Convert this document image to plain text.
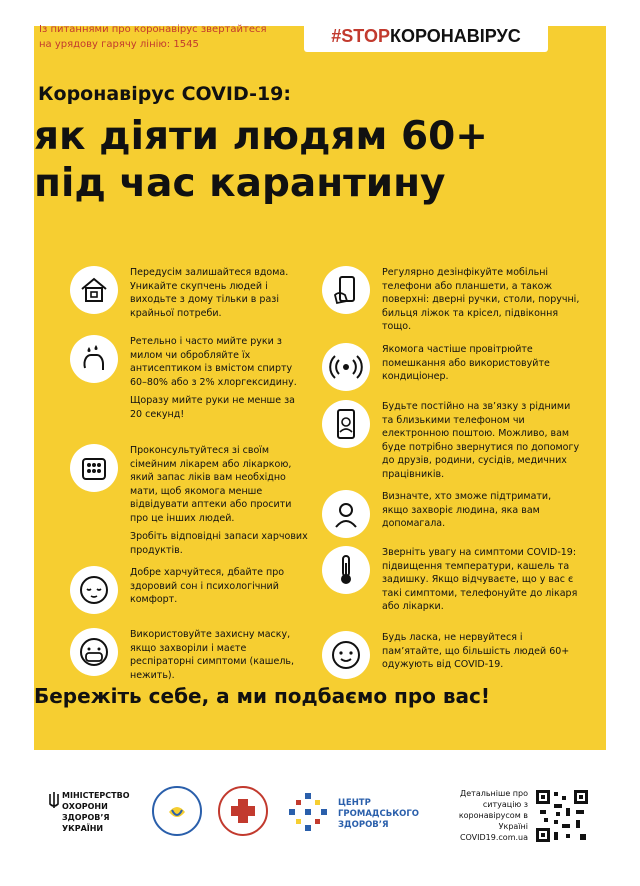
Із питаннями про коронавірус звертайтеся на урядову гарячу лінію: 1545	#STOPКОРОНАВІРУС
Коронавірус COVID-19:
як діяти людям 60+
під час карантину

Передусім залишайтеся вдома. Уникайте скупчень людей і виходьте з дому тільки в разі крайньої потреби.

Ретельно і часто мийте руки з милом чи обробляйте їх антисептиком із вмістом спирту 60–80% або з 2% хлоргексидину.

Щоразу мийте руки не менше за 20 секунд!

Проконсультуйтеся зі своїм сімейним лікарем або лікаркою, який запас ліків вам необхідно мати, щоб якомога менше відвідувати аптеки або просити про це інших людей.

Зробіть відповідні запаси харчових продуктів.

Добре харчуйтеся, дбайте про здоровий сон і психологічний комфорт.

Використовуйте захисну маску, якщо захворіли і маєте респіраторні симптоми (кашель, нежить).

Регулярно дезінфікуйте мобільні телефони або планшети, а також поверхні: дверні ручки, столи, поручні, бильця ліжок та крісел, підвіконня тощо.

Якомога частіше провітрюйте помешкання або використовуйте кондиціонер.

Будьте постійно на зв’язку з рідними та близькими телефоном чи електронною поштою. Можливо, вам буде потрібно звернутися по допомогу до друзів, родини, сусідів, медичних працівників.

Визначте, хто зможе підтримати, якщо захворіє людина, яка вам допомагала.

Зверніть увагу на симптоми COVID-19: підвищення температури, кашель та задишку. Якщо відчуваєте, що у вас є такі симптоми, телефонуйте до лікаря або лікарки.

Будь ласка, не нервуйтеся і пам’ятайте, що більшість людей 60+ одужують від COVID-19.

Бережіть себе, а ми подбаємо про вас!
МІНІСТЕРСТВО ОХОРОНИ ЗДОРОВ’Я УКРАЇНИ
ЦЕНТР ГРОМАДСЬКОГО ЗДОРОВ’Я
Детальніше про ситуацію з коронавірусом в Україні COVID19.com.ua
